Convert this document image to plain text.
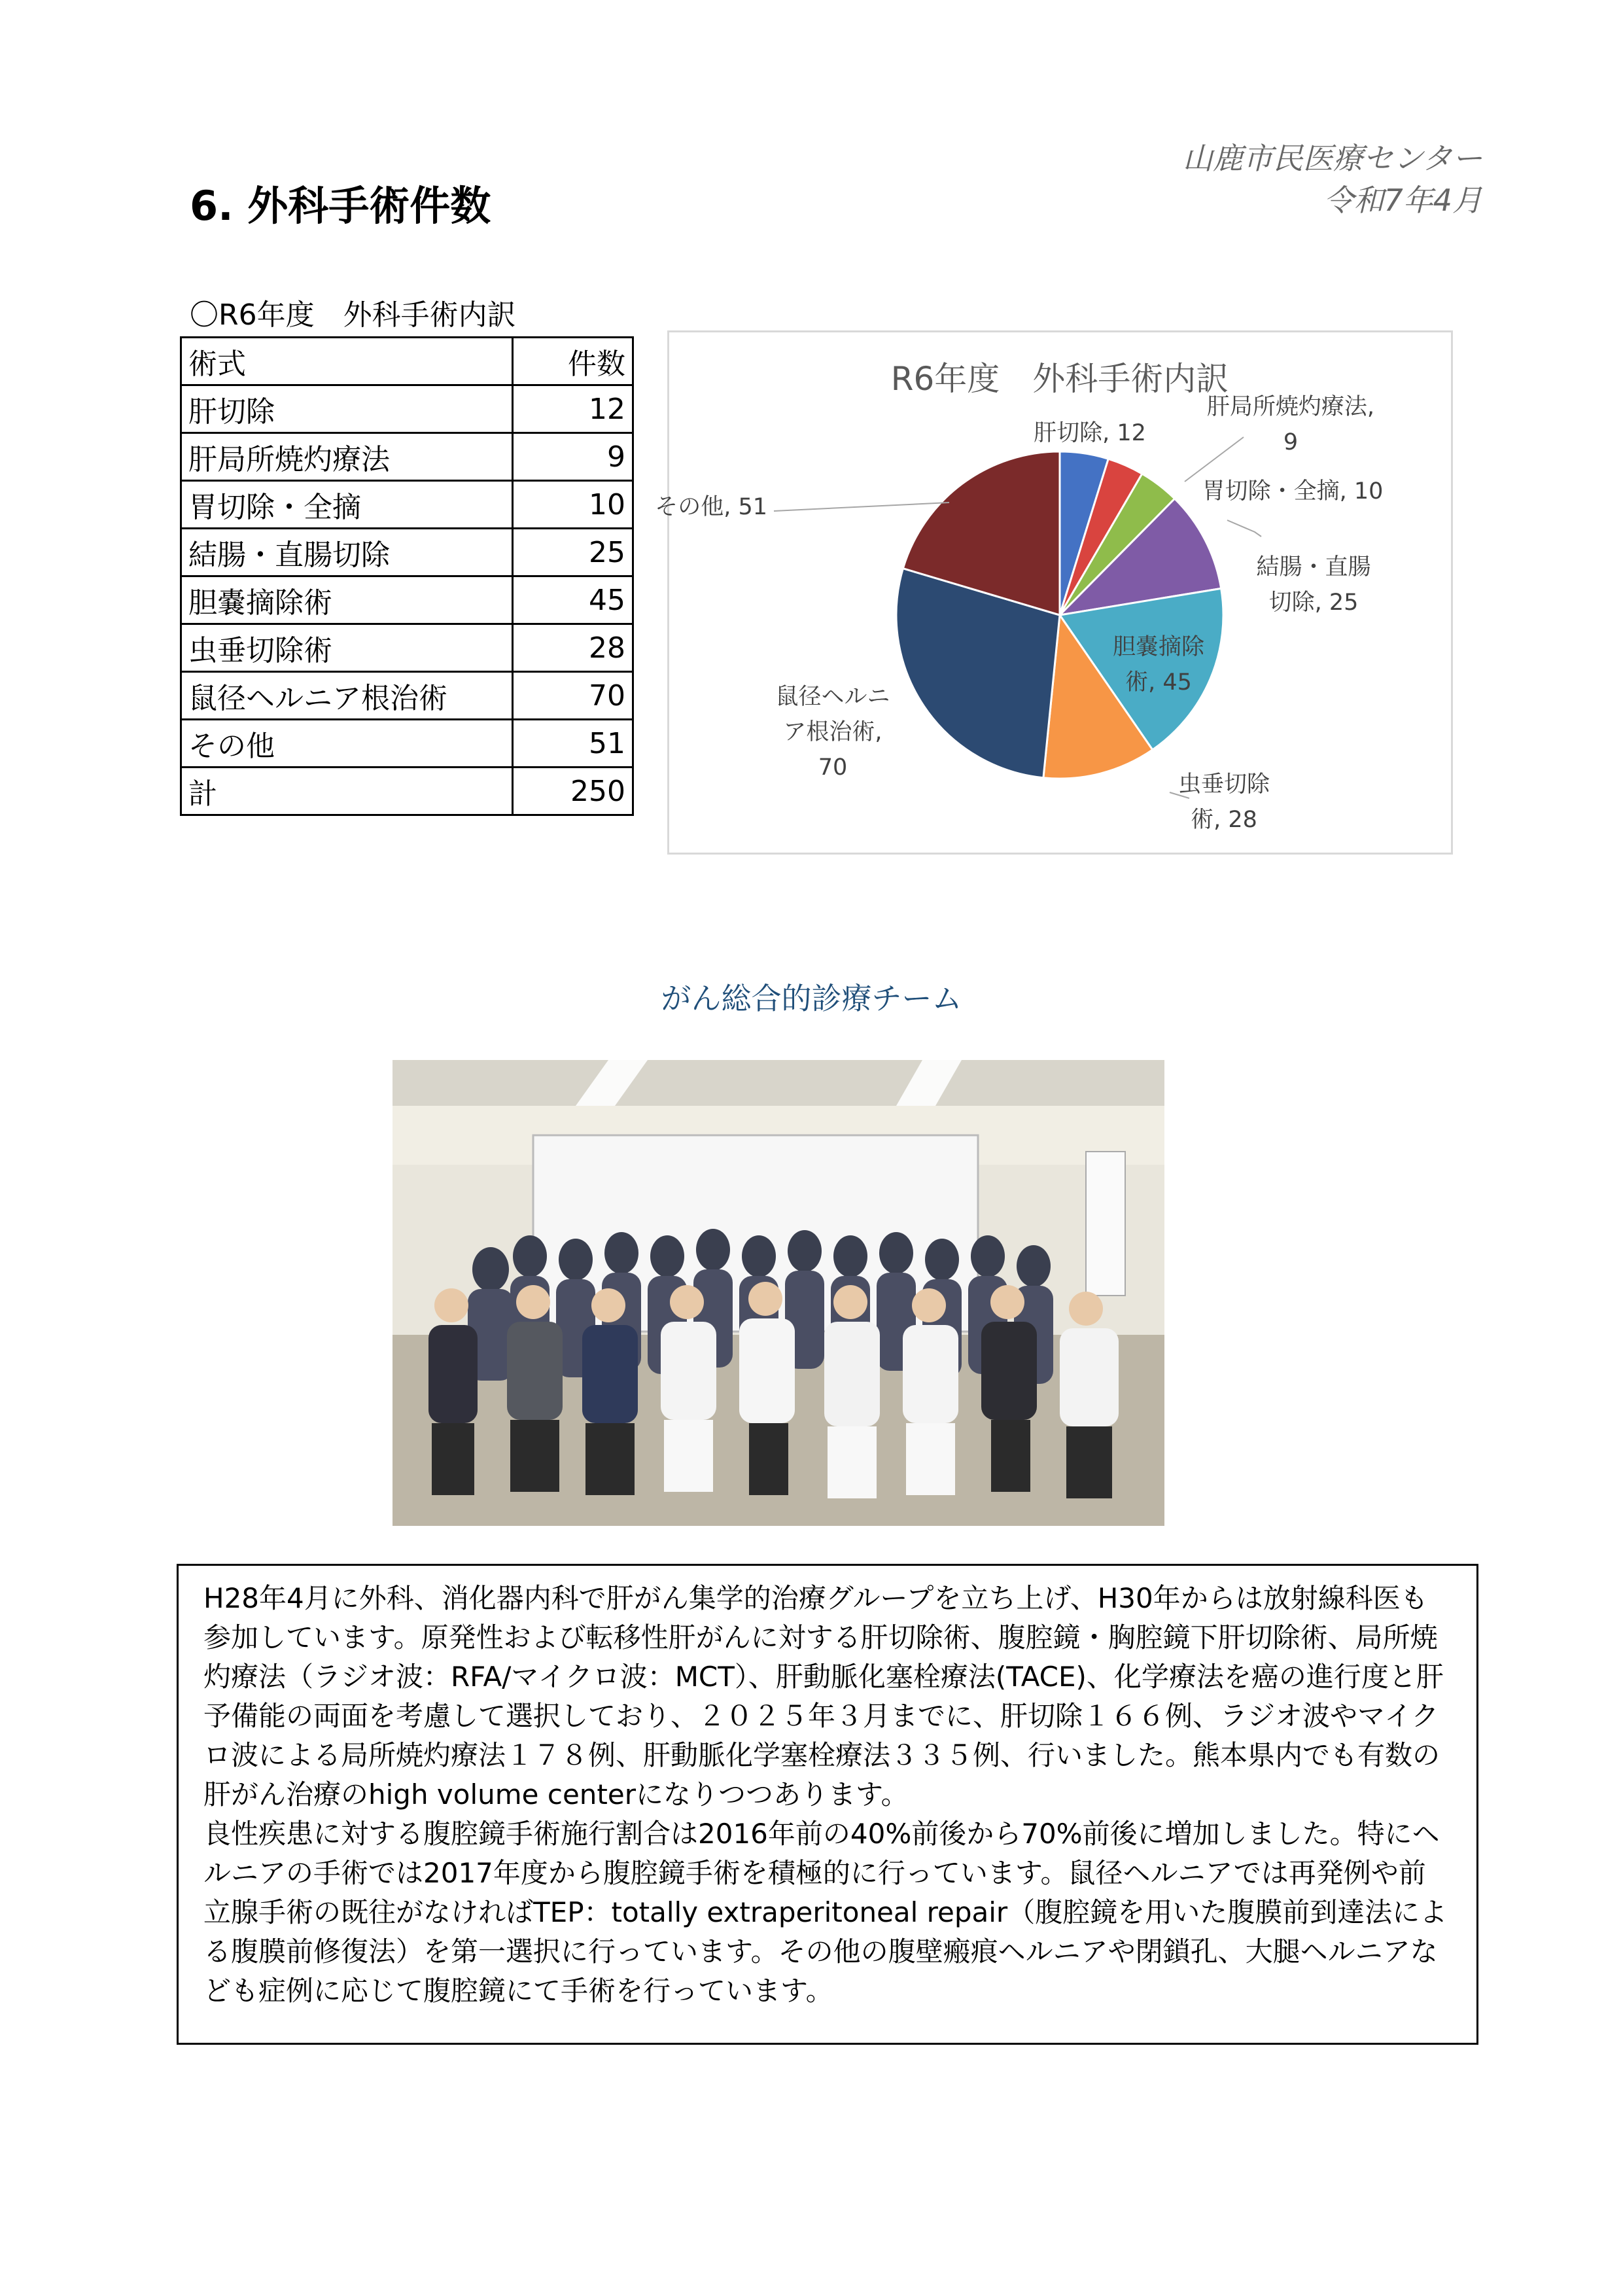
山鹿市民医療センター
令和7年4月
6. 外科手術件数
〇R6年度　外科手術内訳
術式	件数
肝切除	12
肝局所焼灼療法	9
胃切除・全摘	10
結腸・直腸切除	25
胆嚢摘除術	45
虫垂切除術	28
鼠径ヘルニア根治術	70
その他	51
計	250
R6年度　外科手術内訳
肝切除, 12
肝局所焼灼療法, 9
胃切除・全摘, 10
結腸・直腸切除, 25
胆嚢摘除術, 45
虫垂切除術, 28
鼠径ヘルニア根治術, 70
その他, 51
がん総合的診療チーム

H28年4月に外科、消化器内科で肝がん集学的治療グループを立ち上げ、H30年からは放射線科医も参加しています。原発性および転移性肝がんに対する肝切除術、腹腔鏡・胸腔鏡下肝切除術、局所焼灼療法（ラジオ波：RFA/マイクロ波：MCT）、肝動脈化塞栓療法(TACE)、化学療法を癌の進行度と肝予備能の両面を考慮して選択しており、２０２５年３月までに、肝切除１６６例、ラジオ波やマイクロ波による局所焼灼療法１７８例、肝動脈化学塞栓療法３３５例、行いました。熊本県内でも有数の肝がん治療のhigh volume centerになりつつあります。

良性疾患に対する腹腔鏡手術施行割合は2016年前の40%前後から70%前後に増加しました。特にヘルニアの手術では2017年度から腹腔鏡手術を積極的に行っています。鼠径ヘルニアでは再発例や前立腺手術の既往がなければTEP：totally extraperitoneal repair（腹腔鏡を用いた腹膜前到達法による腹膜前修復法）を第一選択に行っています。その他の腹壁瘢痕ヘルニアや閉鎖孔、大腿ヘルニアなども症例に応じて腹腔鏡にて手術を行っています。
